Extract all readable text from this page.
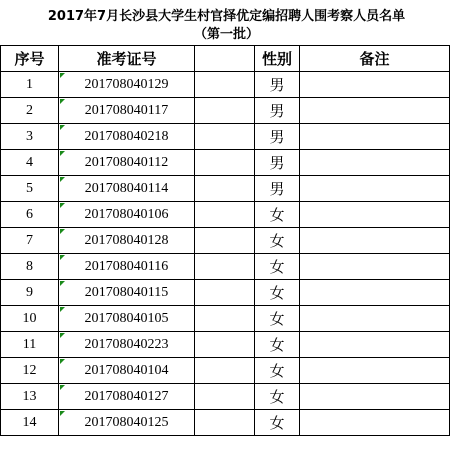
2017年7月长沙县大学生村官择优定编招聘人围考察人员名单
（第一批）
序号	准考证号		性别	备注
1	201708040129		男	
2	201708040117		男	
3	201708040218		男	
4	201708040112		男	
5	201708040114		男	
6	201708040106		女	
7	201708040128		女	
8	201708040116		女	
9	201708040115		女	
10	201708040105		女	
11	201708040223		女	
12	201708040104		女	
13	201708040127		女	
14	201708040125		女	
